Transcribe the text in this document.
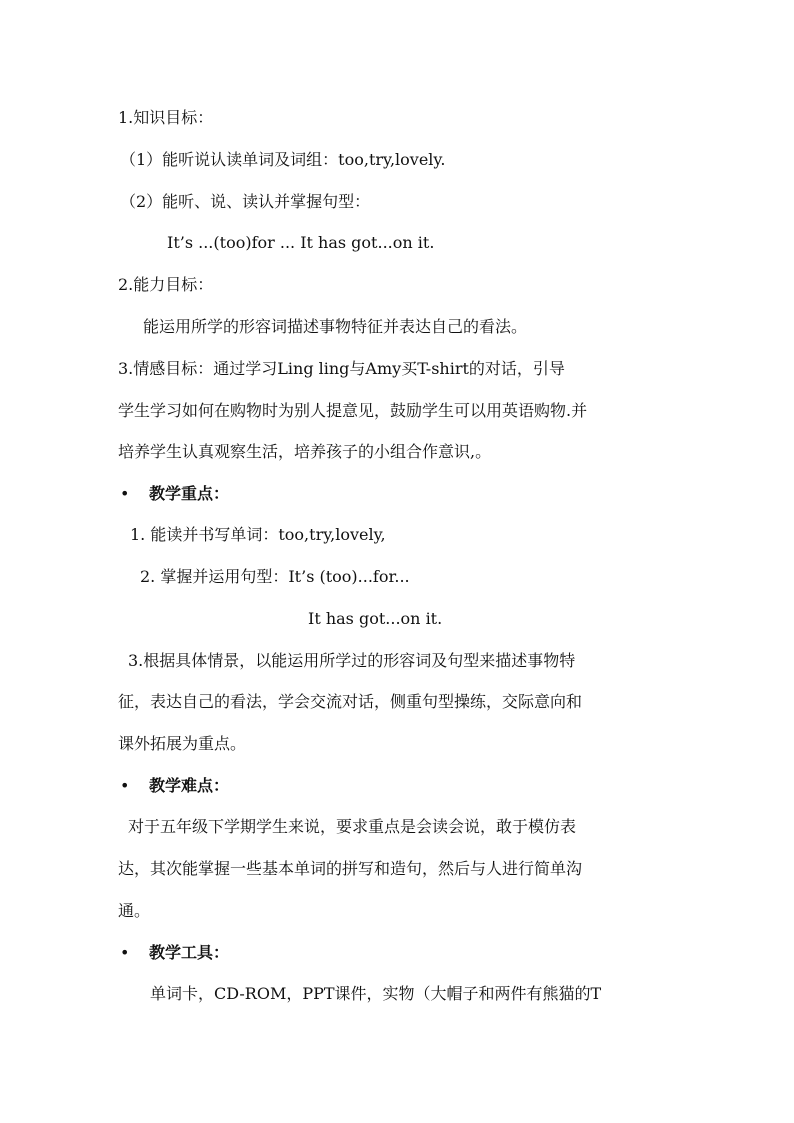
1.知识目标：
（1）能听说认读单词及词组：too,try,lovely.
（2）能听、说、读认并掌握句型：
It’s ...(too)for ... It has got...on it.
2.能力目标：
能运用所学的形容词描述事物特征并表达自己的看法。
3.情感目标：通过学习Ling ling与Amy买T-shirt的对话，引导
学生学习如何在购物时为别人提意见，鼓励学生可以用英语购物.并
培养学生认真观察生活，培养孩子的小组合作意识,。
• 教学重点：
1. 能读并书写单词：too,try,lovely,
2. 掌握并运用句型：It’s (too)...for...
It has got...on it.
3.根据具体情景，以能运用所学过的形容词及句型来描述事物特
征，表达自己的看法，学会交流对话，侧重句型操练，交际意向和
课外拓展为重点。
• 教学难点：
对于五年级下学期学生来说，要求重点是会读会说，敢于模仿表
达，其次能掌握一些基本单词的拼写和造句，然后与人进行简单沟
通。
• 教学工具：
单词卡，CD-ROM，PPT课件，实物（大帽子和两件有熊猫的T
